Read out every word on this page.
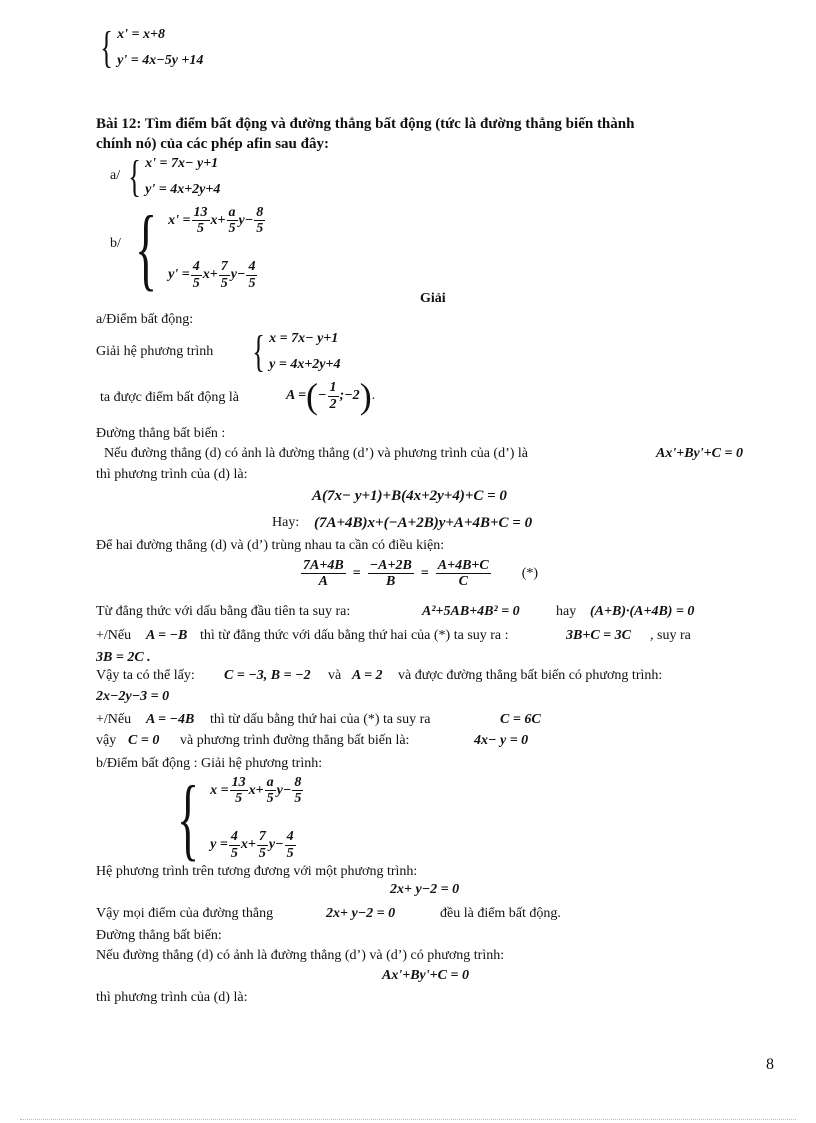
{ x' = x+8
y' = 4x−5y +14
Bài 12: Tìm điểm bất động và đường thẳng bất động (tức là đường thẳng biến thành
chính nó) của các phép afin sau đây:
a/ { x' = 7x− y+1
y' = 4x+2y+4
b/ { $x' = \frac{13}{5} x+ \frac{a}{5} y- \frac{8}{5}$
$y' = \frac{4}{5} x+ \frac{7}{5} y- \frac{4}{5}$
Giải
a/Điểm bất động:
Giải hệ phương trình { x = 7x− y+1
y = 4x+2y+4
ta được điểm bất động là	A = ( − $\frac{1}{2}$ ;−2 ) .
Đường thẳng bất biến :
Nếu đường thẳng (d) có ảnh là đường thẳng (d’) và phương trình của (d’) là	Ax'+By'+C = 0
thì phương trình của (d) là:
A(7x− y+1)+B(4x+2y+4)+C = 0
Hay: (7A+4B)x+(−A+2B)y+A+4B+C = 0
Để hai đường thẳng (d) và (d’) trùng nhau ta cần có điều kiện:
$\frac{7A+4B}{A} = \frac{-A+2B}{B} = \frac{A+4B+C}{C}$ (*)
Từ đẳng thức với dấu bằng đầu tiên ta suy ra:	A²+5AB+4B² = 0	hay (A+B)·(A+4B) = 0
+/Nếu A = −B thì từ đẳng thức với dấu bằng thứ hai của (*) ta suy ra :	3B+C = 3C , suy ra
3B = 2C .
Vậy ta có thể lấy: C = −3, B = −2 và A = 2 và được đường thẳng bất biến có phương trình:
2x−2y−3 = 0
+/Nếu A = −4B thì từ dấu bằng thứ hai của (*) ta suy ra	C = 6C
vậy C = 0 và phương trình đường thẳng bất biến là:	4x− y = 0
b/Điểm bất động : Giải hệ phương trình:
{ $x = \frac{13}{5} x+ \frac{a}{5} y- \frac{8}{5}$
$y = \frac{4}{5} x+ \frac{7}{5} y- \frac{4}{5}$
Hệ phương trình trên tương đương với một phương trình:
2x+ y−2 = 0
Vậy mọi điểm của đường thẳng	2x+ y−2 = 0	đều là điểm bất động.
Đường thẳng bất biến:
Nếu đường thẳng (d) có ảnh là đường thẳng (d’) và (d’) có phương trình:
Ax'+By'+C = 0
thì phương trình của (d) là:
8
